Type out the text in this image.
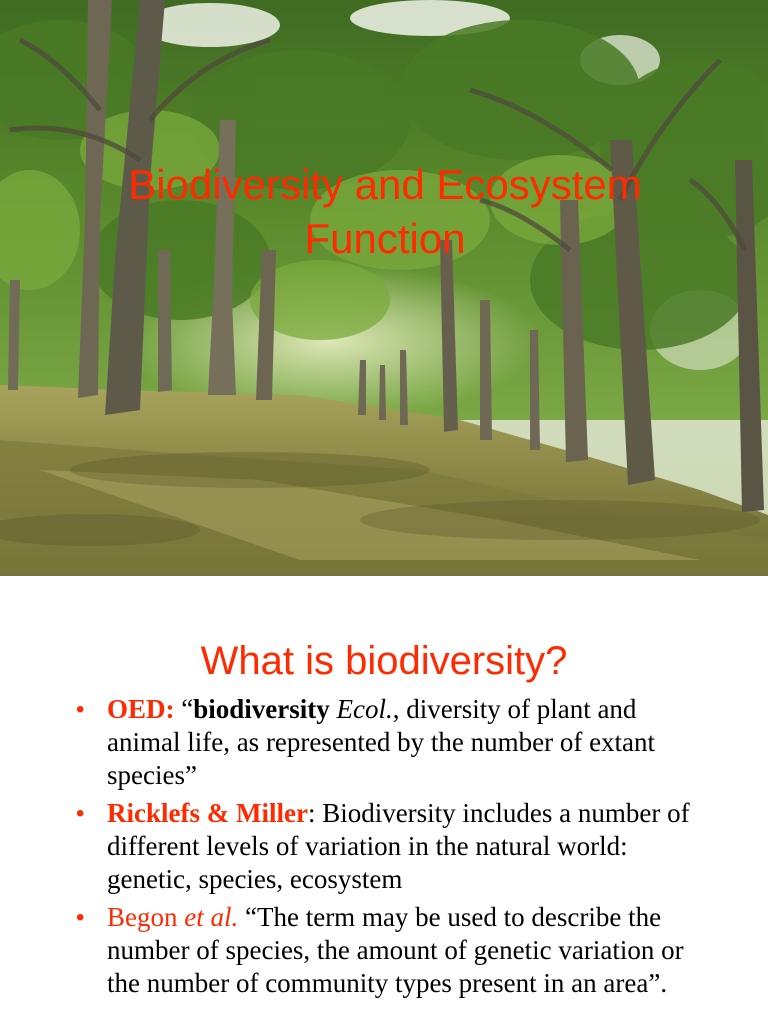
Biodiversity and Ecosystem
Function
What is biodiversity?
• OED: “biodiversity Ecol., diversity of plant and animal life, as represented by the number of extant species”
• Ricklefs & Miller: Biodiversity includes a number of different levels of variation in the natural world: genetic, species, ecosystem
• Begon et al. “The term may be used to describe the number of species, the amount of genetic variation or the number of community types present in an area”.
